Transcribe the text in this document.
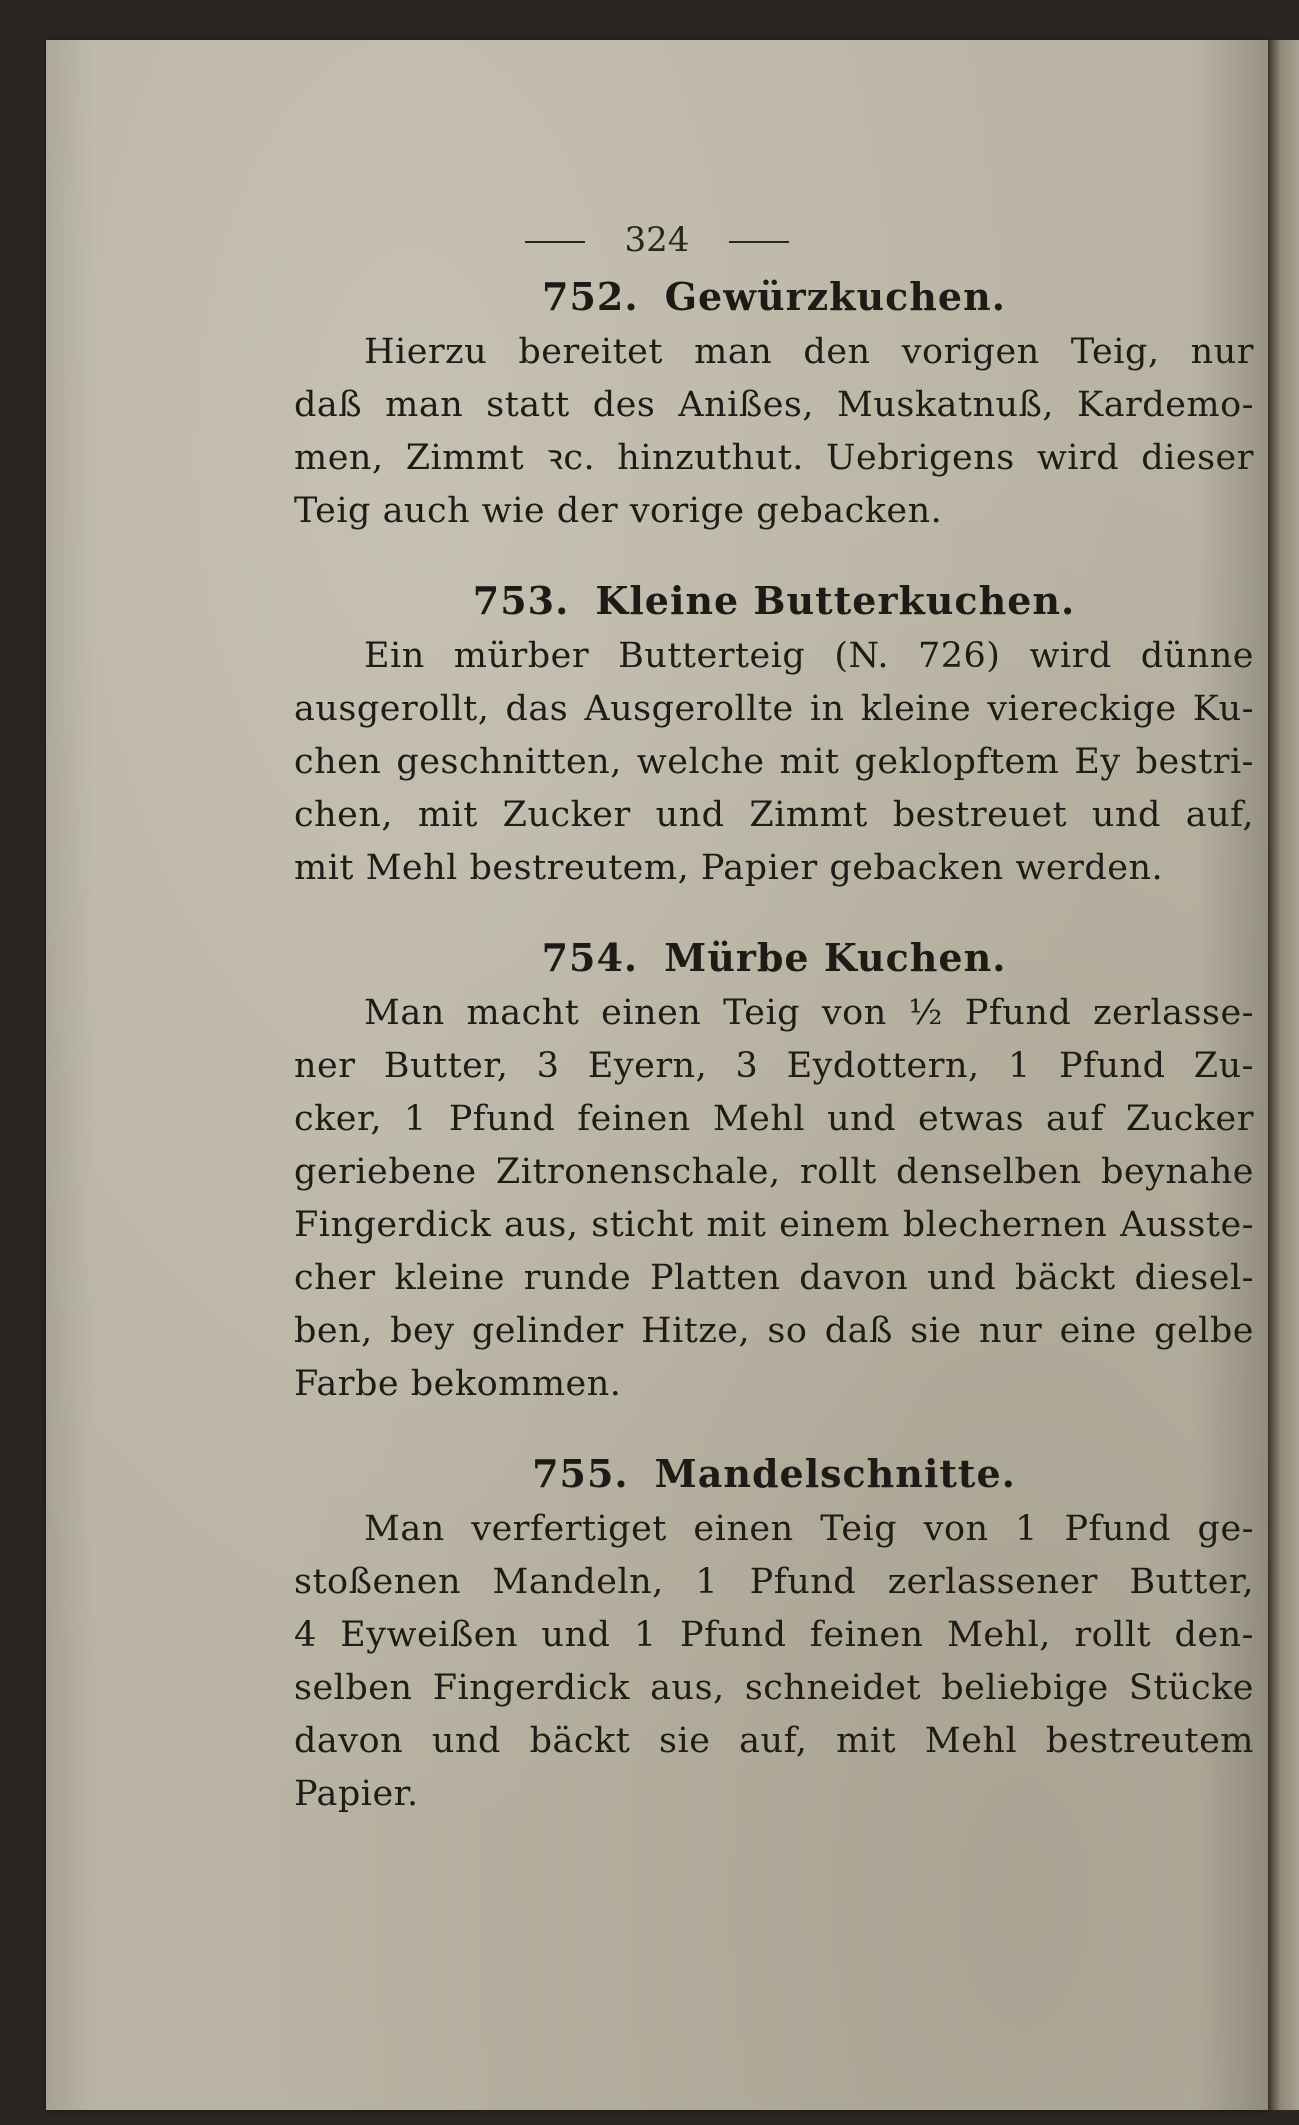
324
752. Gewürzkuchen.
Hierzu bereitet man den vorigen Teig, nur
daß man statt des Anißes, Muskatnuß, Kardemo-
men, Zimmt ꝛc. hinzuthut. Uebrigens wird dieser
Teig auch wie der vorige gebacken.
753. Kleine Butterkuchen.
Ein mürber Butterteig (N. 726) wird dünne
ausgerollt, das Ausgerollte in kleine viereckige Ku-
chen geschnitten, welche mit geklopftem Ey bestri-
chen, mit Zucker und Zimmt bestreuet und auf,
mit Mehl bestreutem, Papier gebacken werden.
754. Mürbe Kuchen.
Man macht einen Teig von ½ Pfund zerlasse-
ner Butter, 3 Eyern, 3 Eydottern, 1 Pfund Zu-
cker, 1 Pfund feinen Mehl und etwas auf Zucker
geriebene Zitronenschale, rollt denselben beynahe
Fingerdick aus, sticht mit einem blechernen Ausste-
cher kleine runde Platten davon und bäckt diesel-
ben, bey gelinder Hitze, so daß sie nur eine gelbe
Farbe bekommen.
755. Mandelschnitte.
Man verfertiget einen Teig von 1 Pfund ge-
stoßenen Mandeln, 1 Pfund zerlassener Butter,
4 Eyweißen und 1 Pfund feinen Mehl, rollt den-
selben Fingerdick aus, schneidet beliebige Stücke
davon und bäckt sie auf, mit Mehl bestreutem
Papier.
